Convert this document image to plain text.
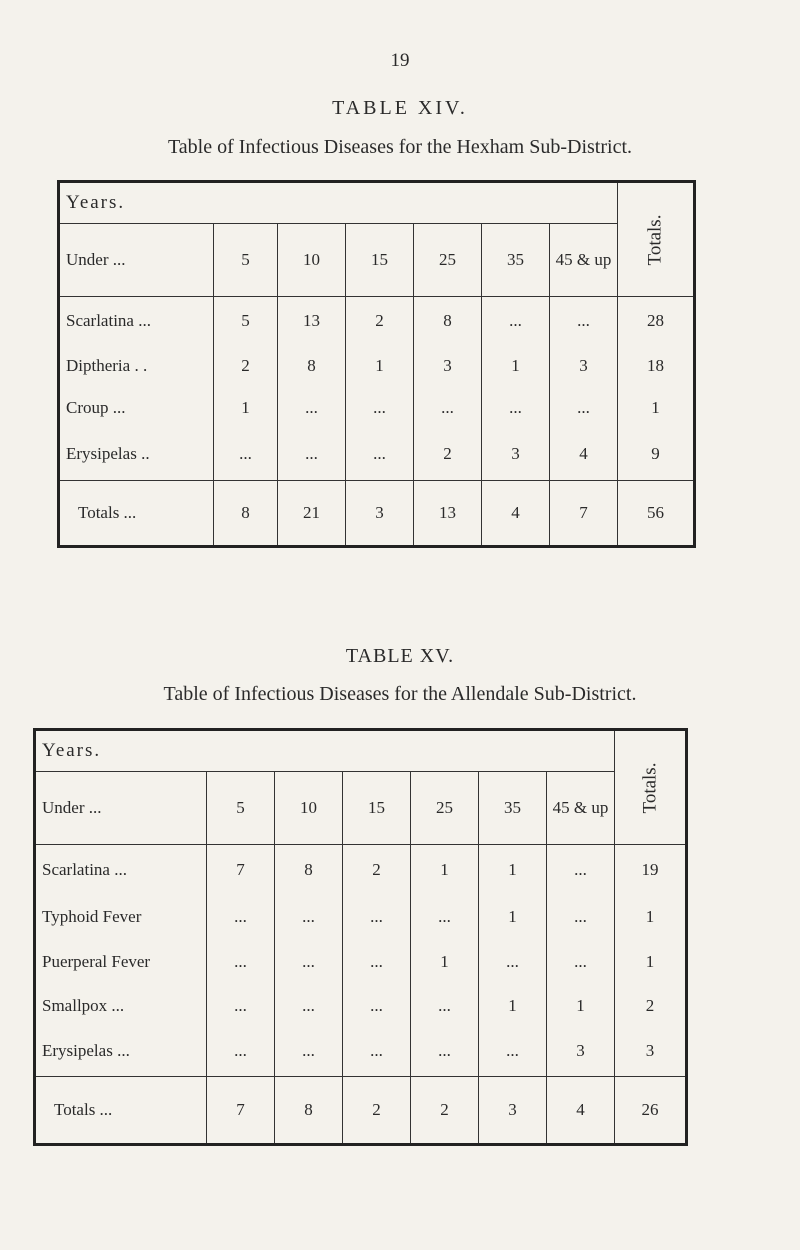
19
TABLE XIV.
Table of Infectious Diseases for the Hexham Sub-District.
Years.							Totals.
Under ...	5	10	15	25	35	45 & up	
Scarlatina ...	5	13	2	8	...	...	28
Diptheria . .	2	8	1	3	1	3	18
Croup ...	1	...	...	...	...	...	1
Erysipelas ..	...	...	...	2	3	4	9
Totals ...	8	21	3	13	4	7	56
TABLE XV.
Table of Infectious Diseases for the Allendale Sub-District.
Years.							Totals.
Under ...	5	10	15	25	35	45 & up	
Scarlatina ...	7	8	2	1	1	...	19
Typhoid Fever	...	...	...	...	1	...	1
Puerperal Fever	...	...	...	1	...	...	1
Smallpox ...	...	...	...	...	1	1	2
Erysipelas ...	...	...	...	...	...	3	3
Totals ...	7	8	2	2	3	4	26
